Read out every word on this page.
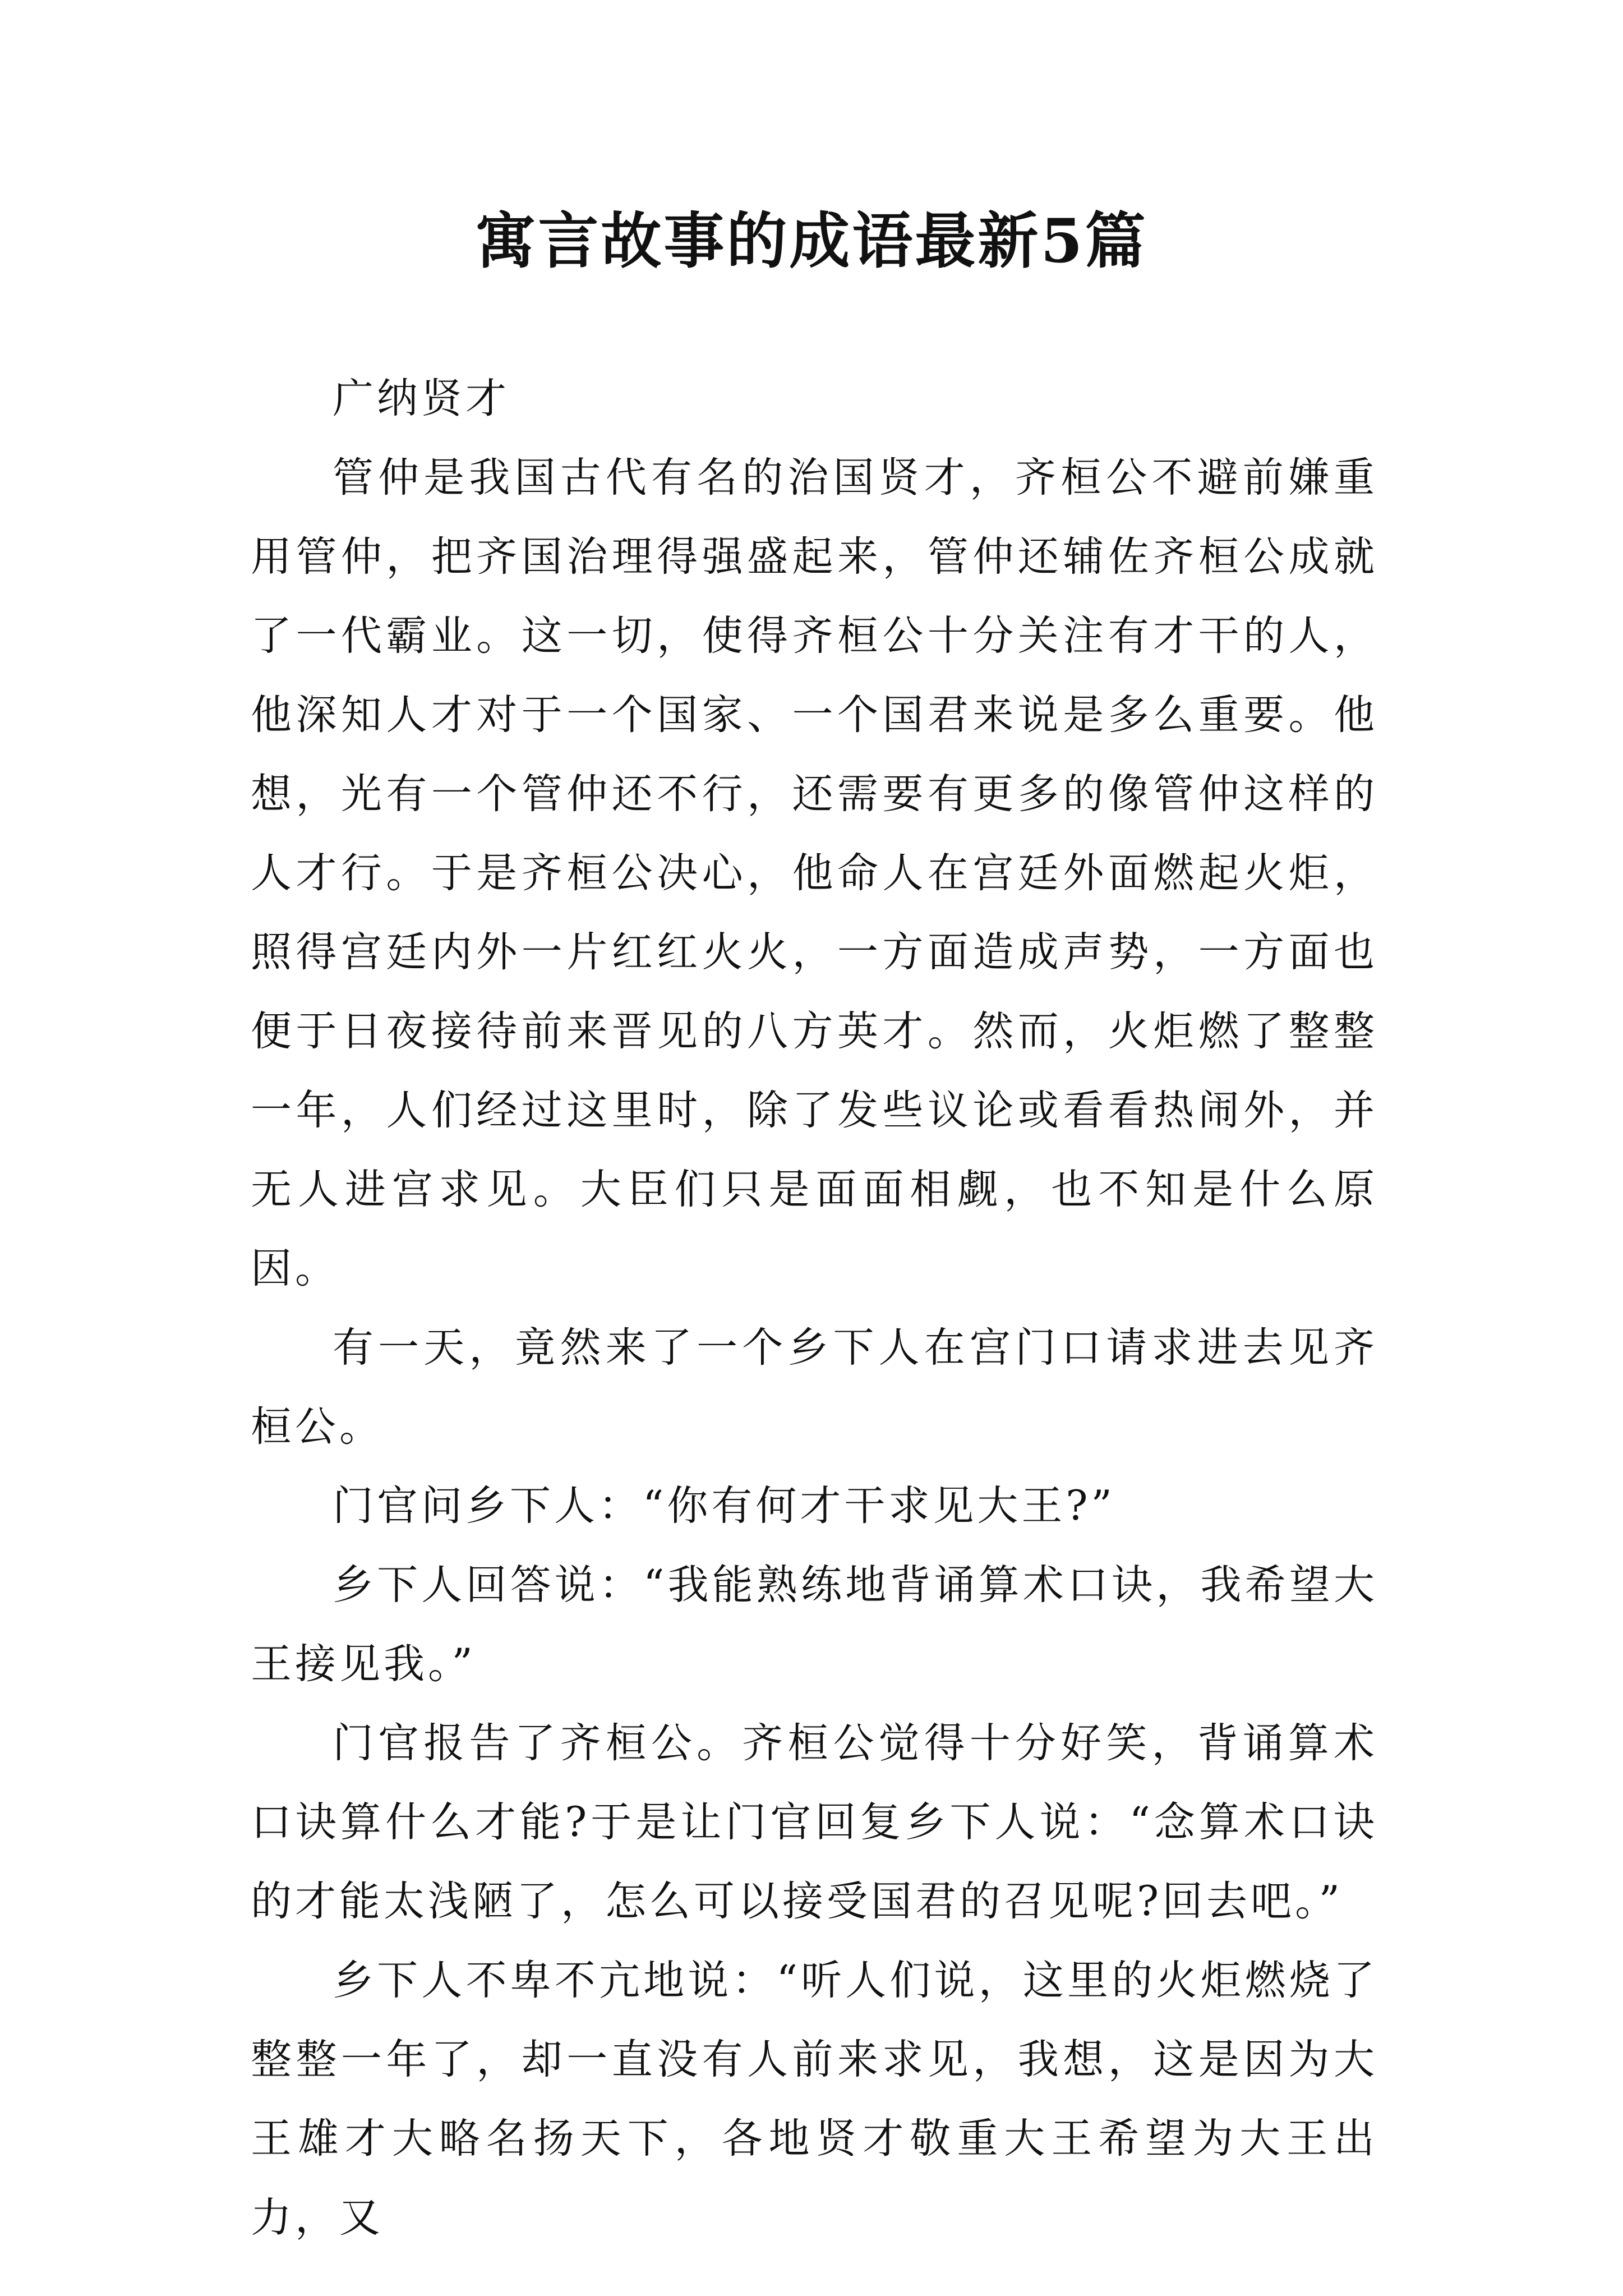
寓言故事的成语最新5篇

广纳贤才

管仲是我国古代有名的治国贤才，齐桓公不避前嫌重用管仲，把齐国治理得强盛起来，管仲还辅佐齐桓公成就了一代霸业。这一切，使得齐桓公十分关注有才干的人，他深知人才对于一个国家、一个国君来说是多么重要。他想，光有一个管仲还不行，还需要有更多的像管仲这样的人才行。于是齐桓公决心，他命人在宫廷外面燃起火炬，照得宫廷内外一片红红火火，一方面造成声势，一方面也便于日夜接待前来晋见的八方英才。然而，火炬燃了整整一年，人们经过这里时，除了发些议论或看看热闹外，并无人进宫求见。大臣们只是面面相觑，也不知是什么原因。

有一天，竟然来了一个乡下人在宫门口请求进去见齐桓公。

门官问乡下人：“你有何才干求见大王?”

乡下人回答说：“我能熟练地背诵算术口诀，我希望大王接见我。”

门官报告了齐桓公。齐桓公觉得十分好笑，背诵算术口诀算什么才能?于是让门官回复乡下人说：“念算术口诀的才能太浅陋了，怎么可以接受国君的召见呢?回去吧。”

乡下人不卑不亢地说：“听人们说，这里的火炬燃烧了整整一年了，却一直没有人前来求见，我想，这是因为大王雄才大略名扬天下，各地贤才敬重大王希望为大王出力，又
